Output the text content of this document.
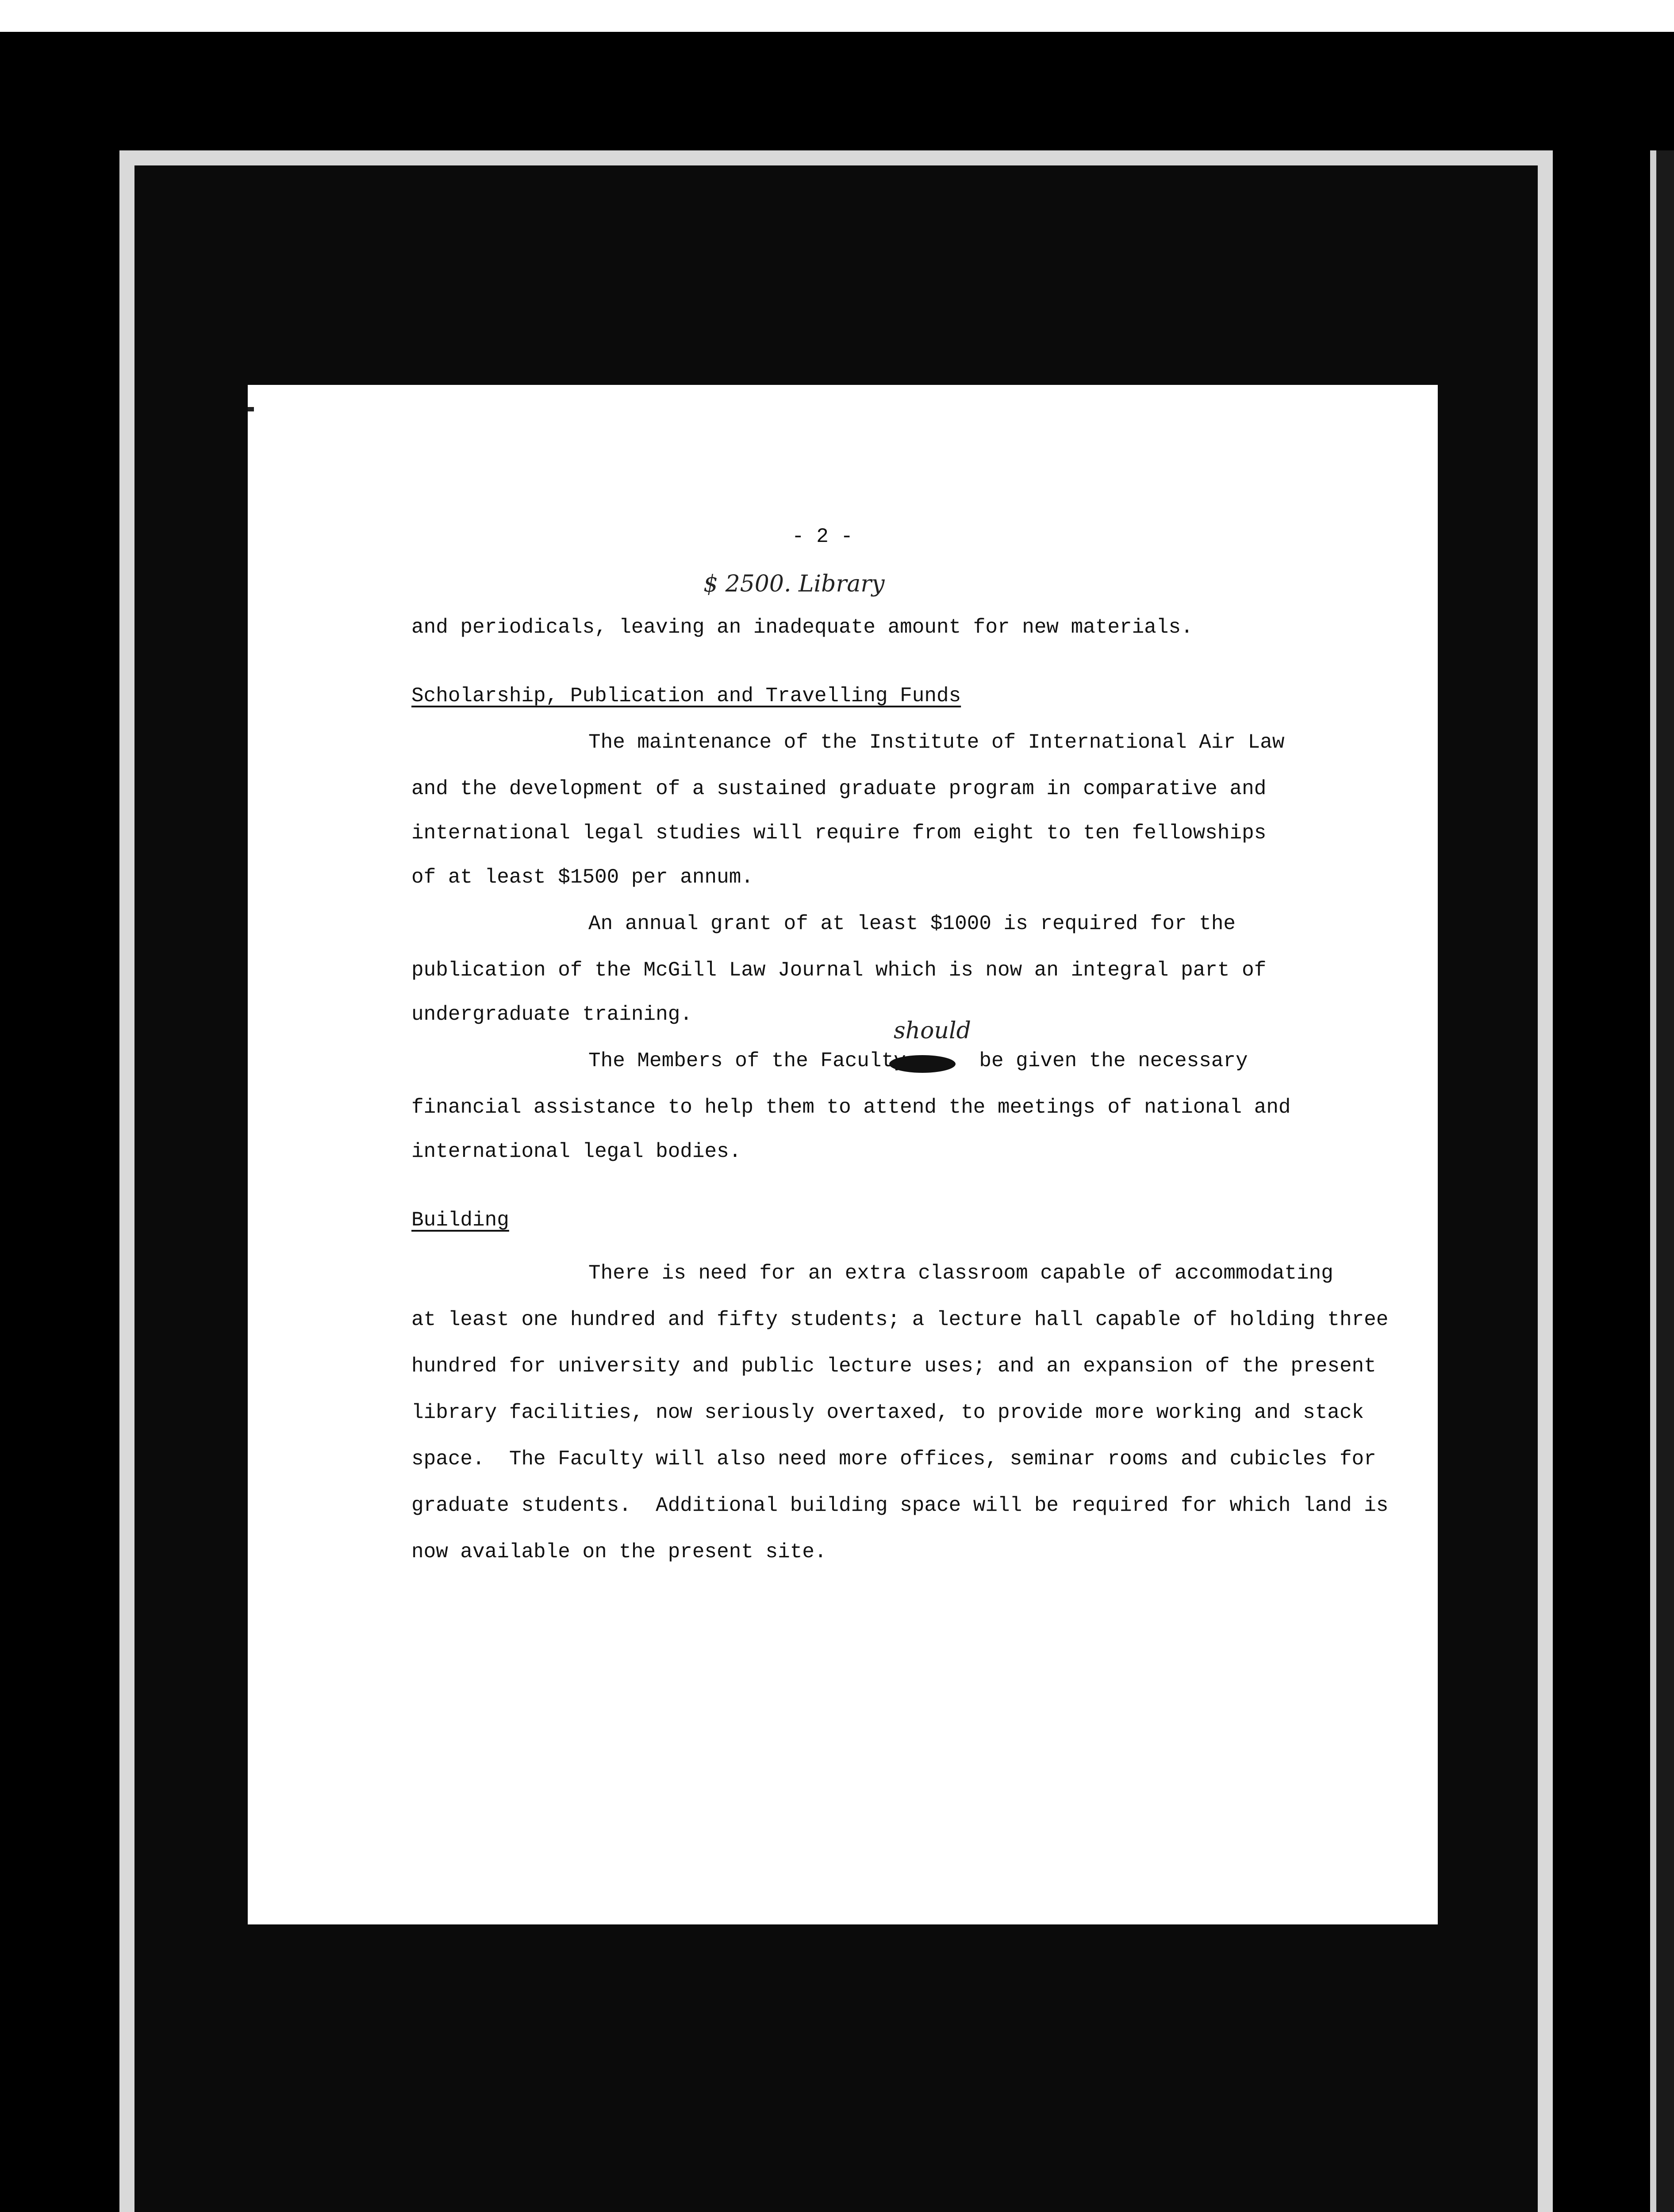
- 2 -
$ 2500. Library
and periodicals, leaving an inadequate amount for new materials.
Scholarship, Publication and Travelling Funds
The maintenance of the Institute of International Air Law
and the development of a sustained graduate program in comparative and
international legal studies will require from eight to ten fellowships
of at least $1500 per annum.
An annual grant of at least $1000 is required for the
publication of the McGill Law Journal which is now an integral part of
undergraduate training.
should
The Members of the Faculty      be given the necessary
financial assistance to help them to attend the meetings of national and
international legal bodies.
Building
There is need for an extra classroom capable of accommodating
at least one hundred and fifty students; a lecture hall capable of holding three
hundred for university and public lecture uses; and an expansion of the present
library facilities, now seriously overtaxed, to provide more working and stack
space.  The Faculty will also need more offices, seminar rooms and cubicles for
graduate students.  Additional building space will be required for which land is
now available on the present site.
